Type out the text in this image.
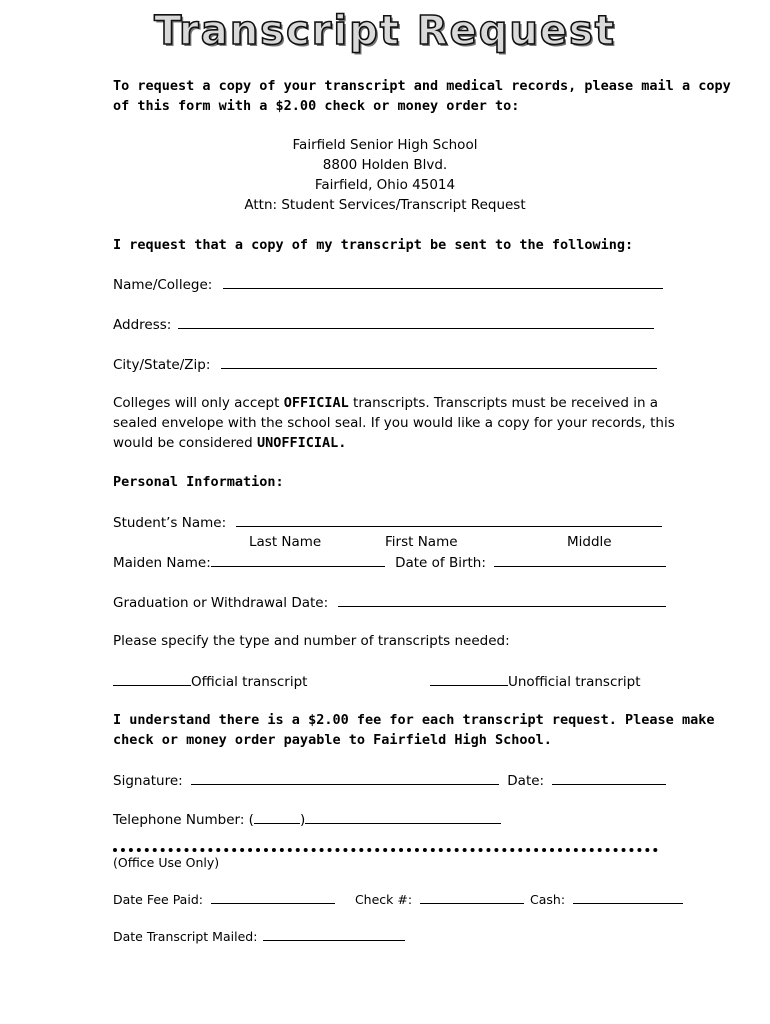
Transcript Request
To request a copy of your transcript and medical records, please mail a copy
of this form with a $2.00 check or money order to:
Fairfield Senior High School
8800 Holden Blvd.
Fairfield, Ohio 45014
Attn: Student Services/Transcript Request
I request that a copy of my transcript be sent to the following:
Name/College:
Address:
City/State/Zip:
Colleges will only accept OFFICIAL transcripts. Transcripts must be received in a
sealed envelope with the school seal. If you would like a copy for your records, this
would be considered UNOFFICIAL.
Personal Information:
Student’s Name:
Last Name	First Name	Middle
Maiden Name:	Date of Birth:
Graduation or Withdrawal Date:
Please specify the type and number of transcripts needed:
Official transcript	Unofficial transcript
I understand there is a $2.00 fee for each transcript request. Please make
check or money order payable to Fairfield High School.
Signature:	Date:
Telephone Number: (	)
(Office Use Only)
Date Fee Paid:	Check #:	Cash:
Date Transcript Mailed:
